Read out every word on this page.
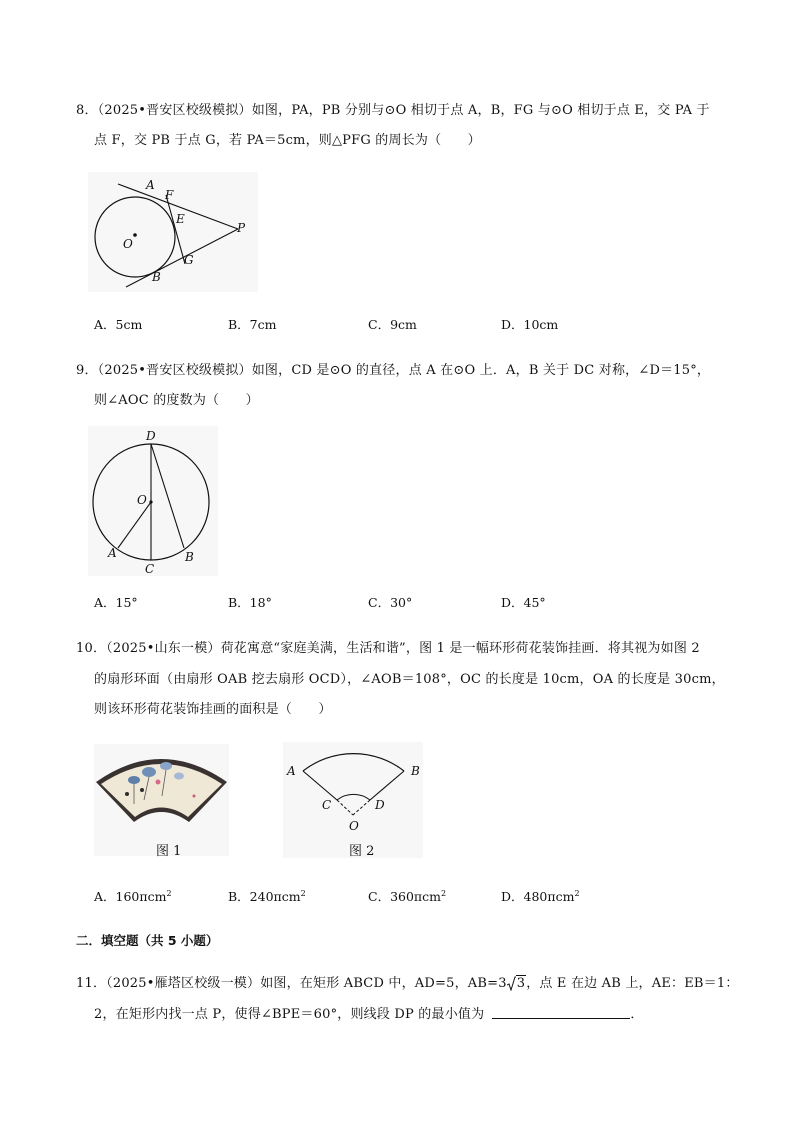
8．（2025•晋安区校级模拟）如图，PA，PB 分别与⊙O 相切于点 A，B，FG 与⊙O 相切于点 E，交 PA 于
点 F，交 PB 于点 G，若 PA＝5cm，则△PFG 的周长为（　　）
A
F
E
P
O
G
B
A．5cm	B．7cm	C．9cm	D．10cm
9．（2025•晋安区校级模拟）如图，CD 是⊙O 的直径，点 A 在⊙O 上．A，B 关于 DC 对称，∠D＝15°，
则∠AOC 的度数为（　　）
D
O
A
C
B
A．15°	B．18°	C．30°	D．45°
10．（2025•山东一模）荷花寓意“家庭美满，生活和谐”，图 1 是一幅环形荷花装饰挂画．将其视为如图 2
的扇形环面（由扇形 OAB 挖去扇形 OCD），∠AOB＝108°，OC 的长度是 10cm，OA 的长度是 30cm，
则该环形荷花装饰挂画的面积是（　　）
图 1
A	B
C	D
O
图 2
A．160πcm$^2$	B．240πcm$^2$	C．360πcm$^2$	D．480πcm$^2$
二．填空题（共 5 小题）
11．（2025•雁塔区校级一模）如图，在矩形 ABCD 中，AD=5，AB=3 3，点 E 在边 AB 上，AE：EB＝1：
2，在矩形内找一点 P，使得∠BPE＝60°，则线段 DP 的最小值为	．
